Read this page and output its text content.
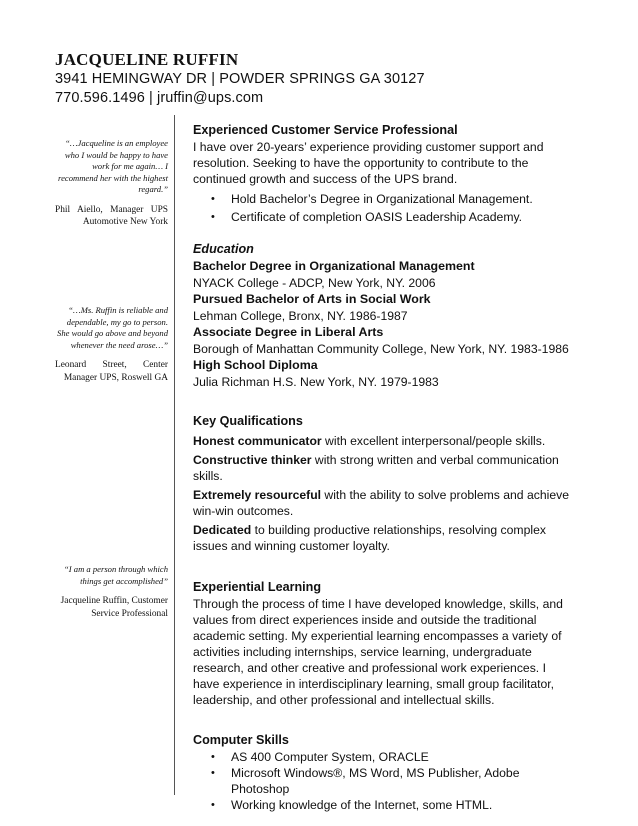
JACQUELINE RUFFIN
3941 HEMINGWAY DR | POWDER SPRINGS GA 30127
770.596.1496 | jruffin@ups.com
“…Jacqueline is an employee who I would be happy to have work for me again… I recommend her with the highest regard.”
Phil Aiello, Manager UPS Automotive New York
“…Ms. Ruffin is reliable and dependable, my go to person. She would go above and beyond whenever the need arose…”
Leonard Street, Center Manager UPS, Roswell GA
“I am a person through which things get accomplished”
Jacqueline Ruffin, Customer Service Professional
Experienced Customer Service Professional

I have over 20-years’ experience providing customer support and resolution. Seeking to have the opportunity to contribute to the continued growth and success of the UPS brand.

• Hold Bachelor’s Degree in Organizational Management.
• Certificate of completion OASIS Leadership Academy.
Education
Bachelor Degree in Organizational Management

NYACK College - ADCP, New York, NY. 2006

Pursued Bachelor of Arts in Social Work

Lehman College, Bronx, NY. 1986-1987

Associate Degree in Liberal Arts

Borough of Manhattan Community College, New York, NY. 1983-1986

High School Diploma

Julia Richman H.S. New York, NY. 1979-1983

Key Qualifications

Honest communicator with excellent interpersonal/people skills.

Constructive thinker with strong written and verbal communication skills.

Extremely resourceful with the ability to solve problems and achieve win-win outcomes.

Dedicated to building productive relationships, resolving complex issues and winning customer loyalty.

Experiential Learning

Through the process of time I have developed knowledge, skills, and values from direct experiences inside and outside the traditional academic setting. My experiential learning encompasses a variety of activities including internships, service learning, undergraduate research, and other creative and professional work experiences. I have experience in interdisciplinary learning, small group facilitator, leadership, and other professional and intellectual skills.

Computer Skills
• AS 400 Computer System, ORACLE
• Microsoft Windows®, MS Word, MS Publisher, Adobe Photoshop
• Working knowledge of the Internet, some HTML.
